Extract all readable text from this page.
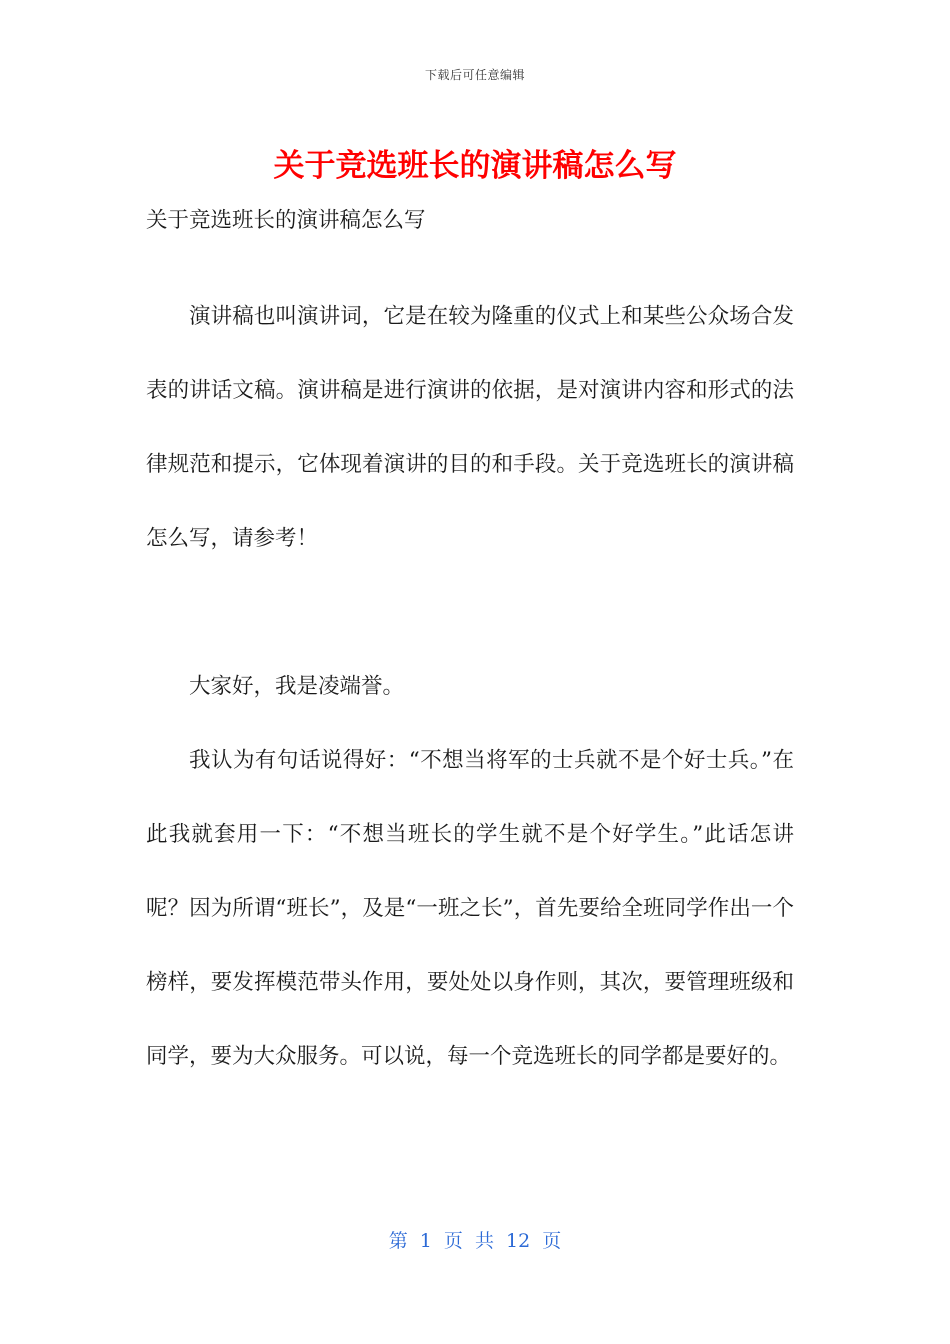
下载后可任意编辑
关于竞选班长的演讲稿怎么写

关于竞选班长的演讲稿怎么写

演讲稿也叫演讲词，它是在较为隆重的仪式上和某些公众场合发表的讲话文稿。演讲稿是进行演讲的依据，是对演讲内容和形式的法律规范和提示，它体现着演讲的目的和手段。关于竞选班长的演讲稿怎么写，请参考！

大家好，我是凌端誉。

我认为有句话说得好：“不想当将军的士兵就不是个好士兵。”在此我就套用一下：“不想当班长的学生就不是个好学生。”此话怎讲呢？因为所谓“班长”，及是“一班之长”，首先要给全班同学作出一个榜样，要发挥模范带头作用，要处处以身作则，其次，要管理班级和同学，要为大众服务。可以说，每一个竞选班长的同学都是要好的。

第 1 页 共 12 页
